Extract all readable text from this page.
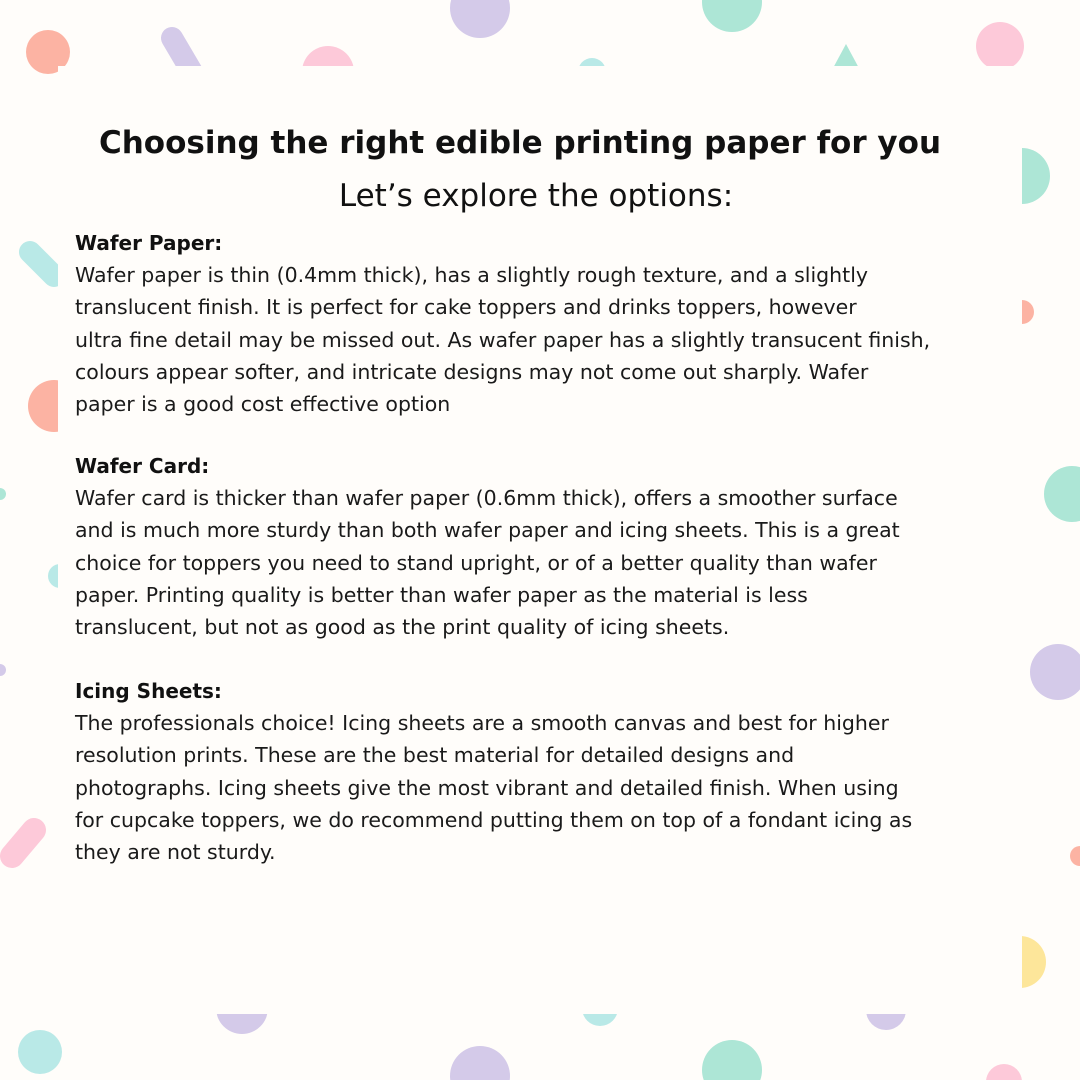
Choosing the right edible printing paper for you
Let’s explore the options:
Wafer Paper:

Wafer paper is thin (0.4mm thick), has a slightly rough texture, and a slightly
translucent finish. It is perfect for cake toppers and drinks toppers, however
ultra fine detail may be missed out. As wafer paper has a slightly transucent finish,
colours appear softer, and intricate designs may not come out sharply. Wafer
paper is a good cost effective option

Wafer Card:

Wafer card is thicker than wafer paper (0.6mm thick), offers a smoother surface
and is much more sturdy than both wafer paper and icing sheets. This is a great
choice for toppers you need to stand upright, or of a better quality than wafer
paper. Printing quality is better than wafer paper as the material is less
translucent, but not as good as the print quality of icing sheets.

Icing Sheets:

The professionals choice! Icing sheets are a smooth canvas and best for higher
resolution prints. These are the best material for detailed designs and
photographs. Icing sheets give the most vibrant and detailed finish. When using
for cupcake toppers, we do recommend putting them on top of a fondant icing as
they are not sturdy.
